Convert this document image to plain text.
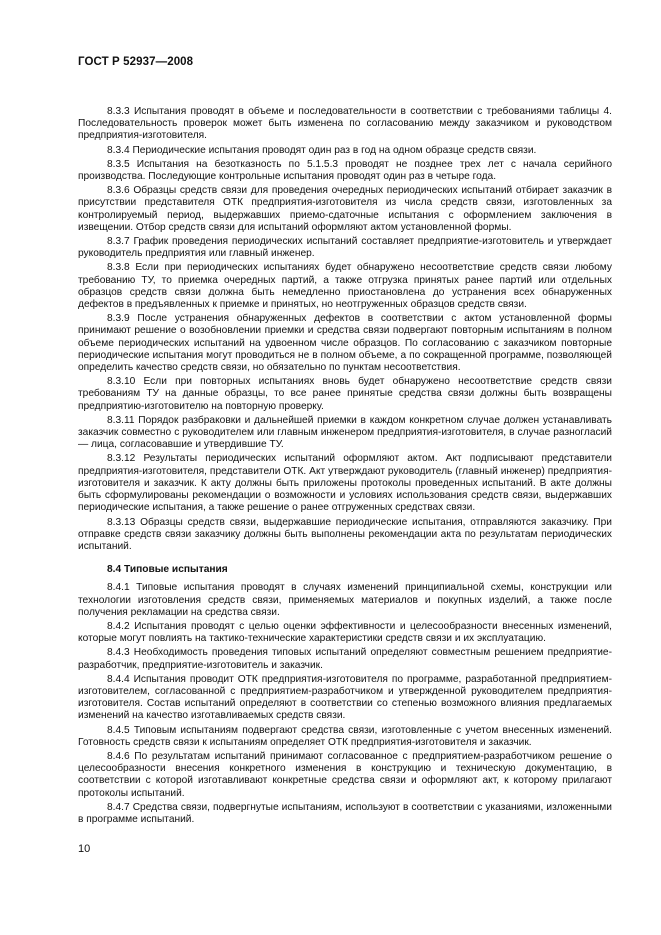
ГОСТ Р 52937—2008

8.3.3 Испытания проводят в объеме и последовательности в соответствии с требованиями таблицы 4. Последовательность проверок может быть изменена по согласованию между заказчиком и руководством предприятия-изготовителя.

8.3.4 Периодические испытания проводят один раз в год на одном образце средств связи.

8.3.5 Испытания на безотказность по 5.1.5.3 проводят не позднее трех лет с начала серийного производства. Последующие контрольные испытания проводят один раз в четыре года.

8.3.6 Образцы средств связи для проведения очередных периодических испытаний отбирает заказчик в присутствии представителя ОТК предприятия-изготовителя из числа средств связи, изготовленных за контролируемый период, выдержавших приемо-сдаточные испытания с оформлением заключения в извещении. Отбор средств связи для испытаний оформляют актом установленной формы.

8.3.7 График проведения периодических испытаний составляет предприятие-изготовитель и утверждает руководитель предприятия или главный инженер.

8.3.8 Если при периодических испытаниях будет обнаружено несоответствие средств связи любому требованию ТУ, то приемка очередных партий, а также отгрузка принятых ранее партий или отдельных образцов средств связи должна быть немедленно приостановлена до устранения всех обнаруженных дефектов в предъявленных к приемке и принятых, но неотгруженных образцов средств связи.

8.3.9 После устранения обнаруженных дефектов в соответствии с актом установленной формы принимают решение о возобновлении приемки и средства связи подвергают повторным испытаниям в полном объеме периодических испытаний на удвоенном числе образцов. По согласованию с заказчиком повторные периодические испытания могут проводиться не в полном объеме, а по сокращенной программе, позволяющей определить качество средств связи, но обязательно по пунктам несоответствия.

8.3.10 Если при повторных испытаниях вновь будет обнаружено несоответствие средств связи требованиям ТУ на данные образцы, то все ранее принятые средства связи должны быть возвращены предприятию-изготовителю на повторную проверку.

8.3.11 Порядок разбраковки и дальнейшей приемки в каждом конкретном случае должен устанавливать заказчик совместно с руководителем или главным инженером предприятия-изготовителя, в случае разногласий — лица, согласовавшие и утвердившие ТУ.

8.3.12 Результаты периодических испытаний оформляют актом. Акт подписывают представители предприятия-изготовителя, представители ОТК. Акт утверждают руководитель (главный инженер) предприятия-изготовителя и заказчик. К акту должны быть приложены протоколы проведенных испытаний. В акте должны быть сформулированы рекомендации о возможности и условиях использования средств связи, выдержавших периодические испытания, а также решение о ранее отгруженных средствах связи.

8.3.13 Образцы средств связи, выдержавшие периодические испытания, отправляются заказчику. При отправке средств связи заказчику должны быть выполнены рекомендации акта по результатам периодических испытаний.

8.4 Типовые испытания

8.4.1 Типовые испытания проводят в случаях изменений принципиальной схемы, конструкции или технологии изготовления средств связи, применяемых материалов и покупных изделий, а также после получения рекламации на средства связи.

8.4.2 Испытания проводят с целью оценки эффективности и целесообразности внесенных изменений, которые могут повлиять на тактико-технические характеристики средств связи и их эксплуатацию.

8.4.3 Необходимость проведения типовых испытаний определяют совместным решением предприятие-разработчик, предприятие-изготовитель и заказчик.

8.4.4 Испытания проводит ОТК предприятия-изготовителя по программе, разработанной предприятием-изготовителем, согласованной с предприятием-разработчиком и утвержденной руководителем предприятия-изготовителя. Состав испытаний определяют в соответствии со степенью возможного влияния предлагаемых изменений на качество изготавливаемых средств связи.

8.4.5 Типовым испытаниям подвергают средства связи, изготовленные с учетом внесенных изменений. Готовность средств связи к испытаниям определяет ОТК предприятия-изготовителя и заказчик.

8.4.6 По результатам испытаний принимают согласованное с предприятием-разработчиком решение о целесообразности внесения конкретного изменения в конструкцию и техническую документацию, в соответствии с которой изготавливают конкретные средства связи и оформляют акт, к которому прилагают протоколы испытаний.

8.4.7 Средства связи, подвергнутые испытаниям, используют в соответствии с указаниями, изложенными в программе испытаний.

10
